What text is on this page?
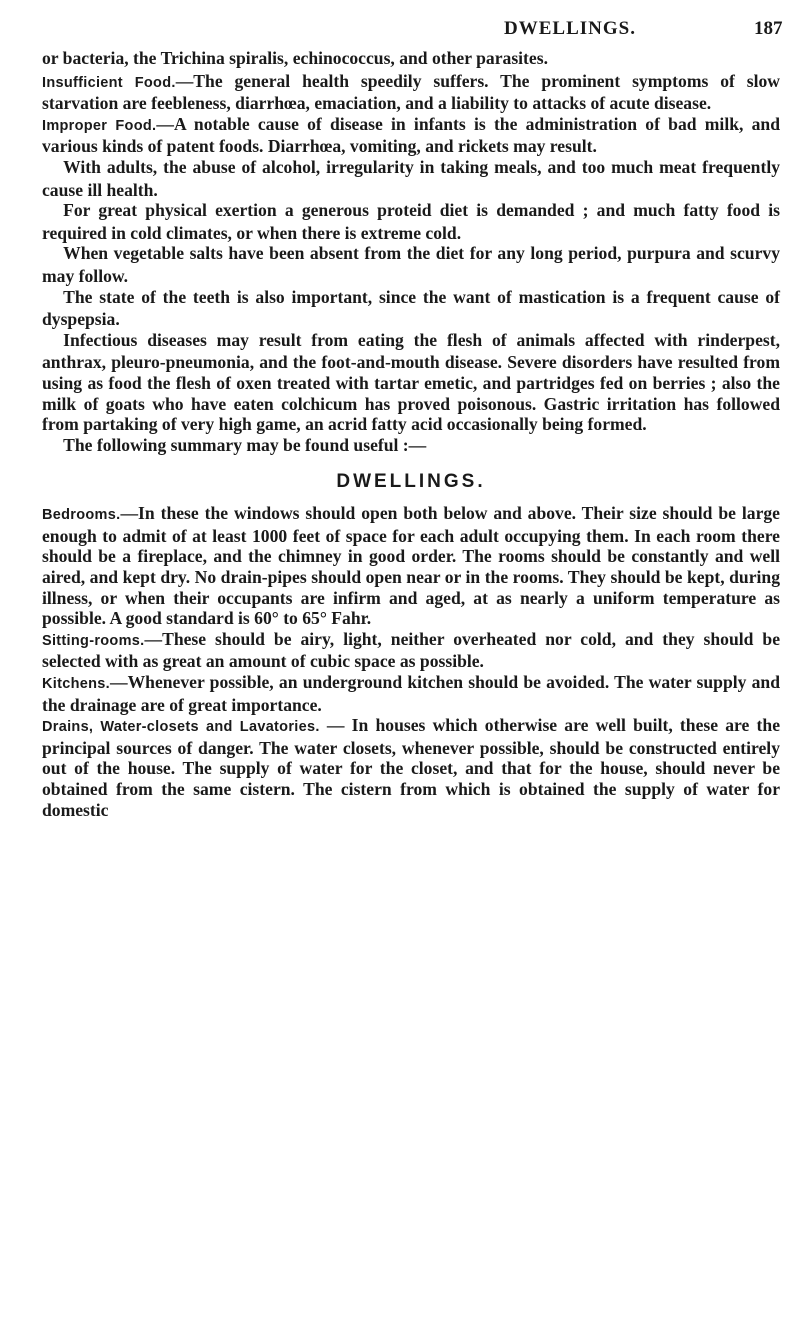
DWELLINGS.	187

or bacteria, the Trichina spiralis, echinococcus, and other parasites.

Insufficient Food.—The general health speedily suffers. The prominent symptoms of slow starvation are feebleness, diarrhœa, emaciation, and a liability to attacks of acute disease.

Improper Food.—A notable cause of disease in infants is the administration of bad milk, and various kinds of patent foods. Diarrhœa, vomiting, and rickets may result.

With adults, the abuse of alcohol, irregularity in taking meals, and too much meat frequently cause ill health.

For great physical exertion a generous proteid diet is demanded ; and much fatty food is required in cold climates, or when there is extreme cold.

When vegetable salts have been absent from the diet for any long period, purpura and scurvy may follow.

The state of the teeth is also important, since the want of mastication is a frequent cause of dyspepsia.

Infectious diseases may result from eating the flesh of animals affected with rinderpest, anthrax, pleuro-pneumonia, and the foot-and-mouth disease. Severe disorders have resulted from using as food the flesh of oxen treated with tartar emetic, and partridges fed on berries ; also the milk of goats who have eaten colchicum has proved poisonous. Gastric irritation has followed from partaking of very high game, an acrid fatty acid occasionally being formed.

The following summary may be found useful :—

DWELLINGS.

Bedrooms.—In these the windows should open both below and above. Their size should be large enough to admit of at least 1000 feet of space for each adult occupying them. In each room there should be a fireplace, and the chimney in good order. The rooms should be constantly and well aired, and kept dry. No drain-pipes should open near or in the rooms. They should be kept, during illness, or when their occupants are infirm and aged, at as nearly a uniform temperature as possible. A good standard is 60° to 65° Fahr.

Sitting-rooms.—These should be airy, light, neither overheated nor cold, and they should be selected with as great an amount of cubic space as possible.

Kitchens.—Whenever possible, an underground kitchen should be avoided. The water supply and the drainage are of great importance.

Drains, Water-closets and Lavatories. — In houses which otherwise are well built, these are the principal sources of danger. The water closets, whenever possible, should be constructed entirely out of the house. The supply of water for the closet, and that for the house, should never be obtained from the same cistern. The cistern from which is obtained the supply of water for domestic
